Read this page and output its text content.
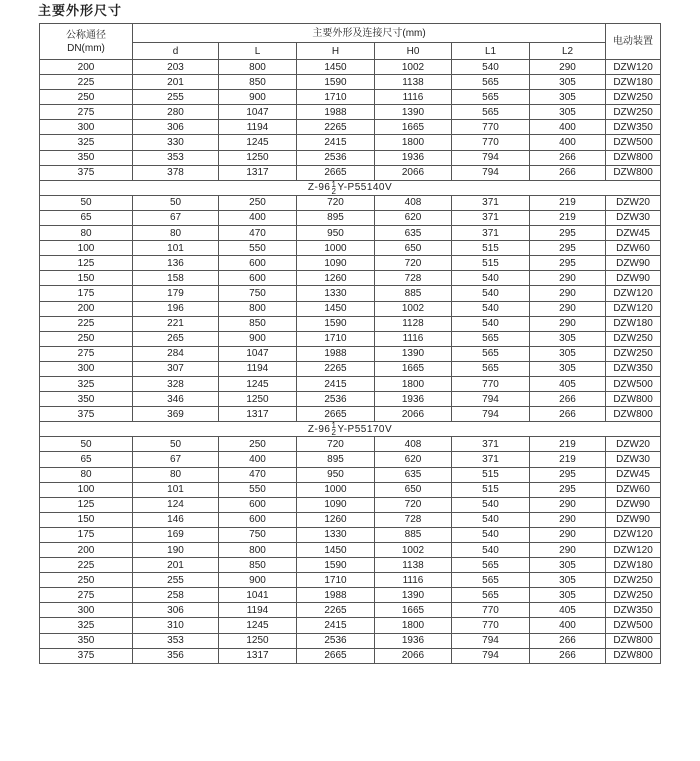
主要外形尺寸
公称通径
DN(mm)	主要外形及连接尺寸(mm)						电动装置
	d	L	H	H0	L1	L2	
200	203	800	1450	1002	540	290	DZW120
225	201	850	1590	1138	565	305	DZW180
250	255	900	1710	1116	565	305	DZW250
275	280	1047	1988	1390	565	305	DZW250
300	306	1194	2265	1665	770	400	DZW350
325	330	1245	2415	1800	770	400	DZW500
350	353	1250	2536	1936	794	266	DZW800
375	378	1317	2665	2066	794	266	DZW800
Z-96 1
2 Y-P55140V							
50	50	250	720	408	371	219	DZW20
65	67	400	895	620	371	219	DZW30
80	80	470	950	635	371	295	DZW45
100	101	550	1000	650	515	295	DZW60
125	136	600	1090	720	515	295	DZW90
150	158	600	1260	728	540	290	DZW90
175	179	750	1330	885	540	290	DZW120
200	196	800	1450	1002	540	290	DZW120
225	221	850	1590	1128	540	290	DZW180
250	265	900	1710	1116	565	305	DZW250
275	284	1047	1988	1390	565	305	DZW250
300	307	1194	2265	1665	565	305	DZW350
325	328	1245	2415	1800	770	405	DZW500
350	346	1250	2536	1936	794	266	DZW800
375	369	1317	2665	2066	794	266	DZW800
Z-96 1
2 Y-P55170V							
50	50	250	720	408	371	219	DZW20
65	67	400	895	620	371	219	DZW30
80	80	470	950	635	515	295	DZW45
100	101	550	1000	650	515	295	DZW60
125	124	600	1090	720	540	290	DZW90
150	146	600	1260	728	540	290	DZW90
175	169	750	1330	885	540	290	DZW120
200	190	800	1450	1002	540	290	DZW120
225	201	850	1590	1138	565	305	DZW180
250	255	900	1710	1116	565	305	DZW250
275	258	1041	1988	1390	565	305	DZW250
300	306	1194	2265	1665	770	405	DZW350
325	310	1245	2415	1800	770	400	DZW500
350	353	1250	2536	1936	794	266	DZW800
375	356	1317	2665	2066	794	266	DZW800
